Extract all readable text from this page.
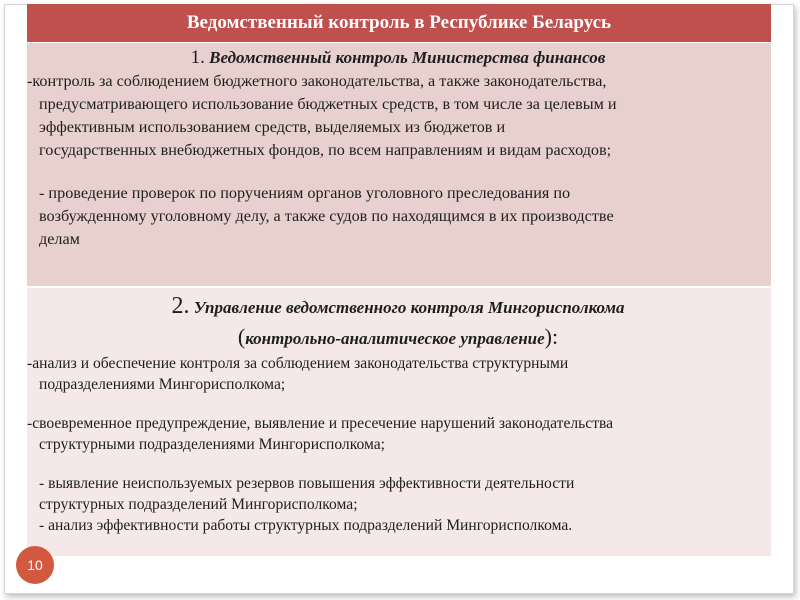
Ведомственный контроль в Республике Беларусь
1. Ведомственный контроль Министерства финансов

-контроль за соблюдением бюджетного законодательства, а также законодательства,

предусматривающего использование бюджетных средств, в том числе за целевым и

эффективным использованием средств, выделяемых из бюджетов и

государственных внебюджетных фондов, по всем направлениям и видам расходов;

- проведение проверок по поручениям органов уголовного преследования по

возбужденному уголовному делу, а также судов по находящимся в их производстве

делам

2. Управление ведомственного контроля Мингорисполкома
(контрольно-аналитическое управление):

-анализ и обеспечение контроля за соблюдением законодательства структурными

подразделениями Мингорисполкома;

-своевременное предупреждение, выявление и пресечение нарушений законодательства

структурными подразделениями Мингорисполкома;

- выявление неиспользуемых резервов повышения эффективности деятельности

структурных подразделений Мингорисполкома;

- анализ эффективности работы структурных подразделений Мингорисполкома.

10
